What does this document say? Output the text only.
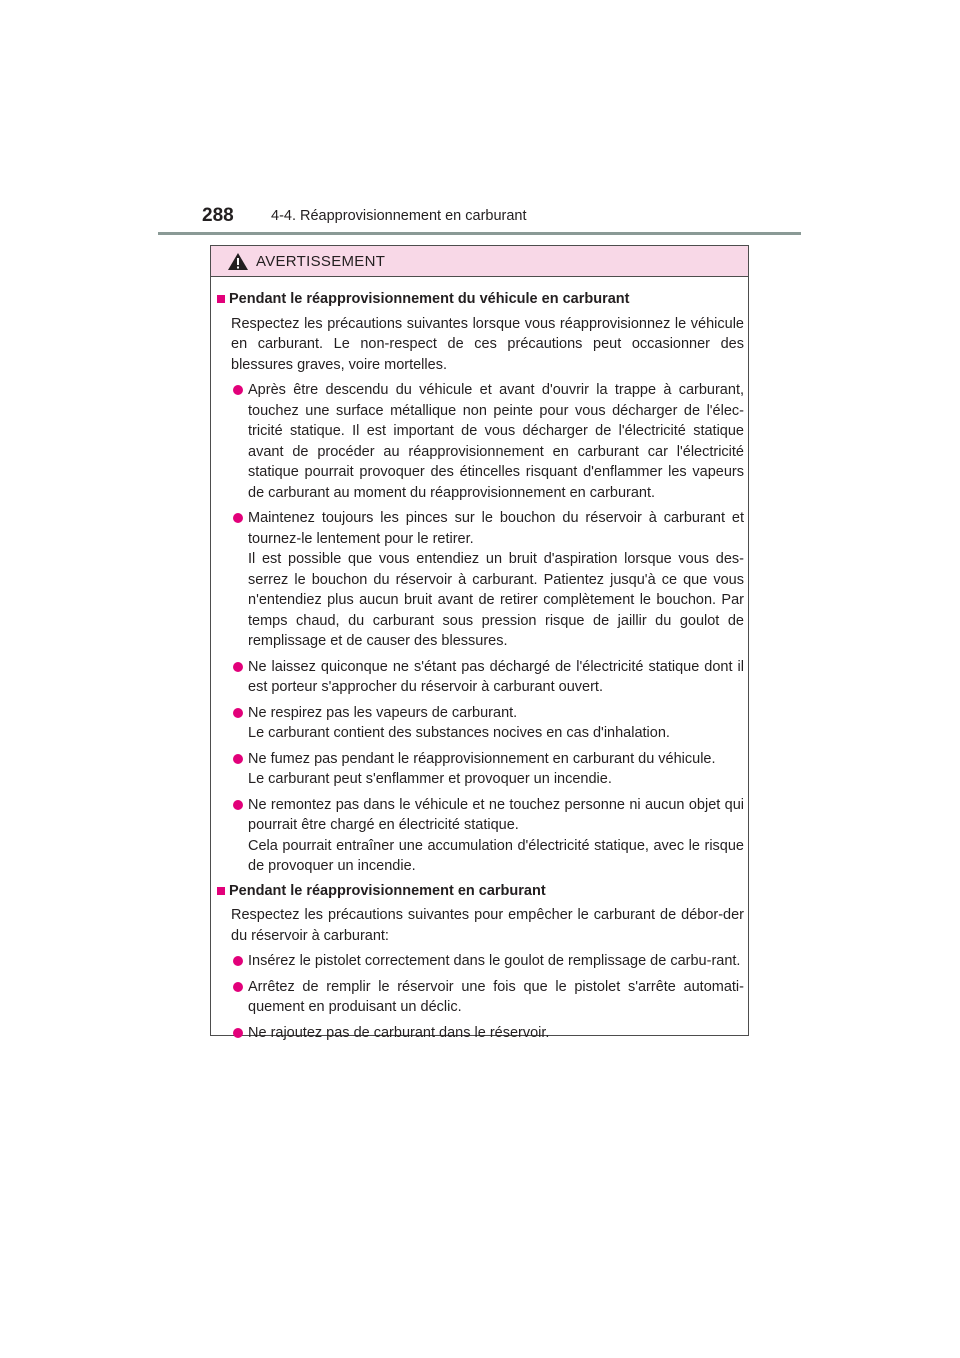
288	4-4. Réapprovisionnement en carburant
AVERTISSEMENT
Pendant le réapprovisionnement du véhicule en carburant
Respectez les précautions suivantes lorsque vous réapprovisionnez le véhicule en carburant. Le non-respect de ces précautions peut occasionner des blessures graves, voire mortelles.
Après être descendu du véhicule et avant d'ouvrir la trappe à carburant, touchez une surface métallique non peinte pour vous décharger de l'élec-tricité statique. Il est important de vous décharger de l'électricité statique avant de procéder au réapprovisionnement en carburant car l'électricité statique pourrait provoquer des étincelles risquant d'enflammer les vapeurs de carburant au moment du réapprovisionnement en carburant.
Maintenez toujours les pinces sur le bouchon du réservoir à carburant et tournez-le lentement pour le retirer.
Il est possible que vous entendiez un bruit d'aspiration lorsque vous des-serrez le bouchon du réservoir à carburant. Patientez jusqu'à ce que vous n'entendiez plus aucun bruit avant de retirer complètement le bouchon. Par temps chaud, du carburant sous pression risque de jaillir du goulot de remplissage et de causer des blessures.
Ne laissez quiconque ne s'étant pas déchargé de l'électricité statique dont il est porteur s'approcher du réservoir à carburant ouvert.
Ne respirez pas les vapeurs de carburant.
Le carburant contient des substances nocives en cas d'inhalation.
Ne fumez pas pendant le réapprovisionnement en carburant du véhicule.
Le carburant peut s'enflammer et provoquer un incendie.
Ne remontez pas dans le véhicule et ne touchez personne ni aucun objet qui pourrait être chargé en électricité statique.
Cela pourrait entraîner une accumulation d'électricité statique, avec le risque de provoquer un incendie.
Pendant le réapprovisionnement en carburant
Respectez les précautions suivantes pour empêcher le carburant de débor-der du réservoir à carburant:
Insérez le pistolet correctement dans le goulot de remplissage de carbu-rant.
Arrêtez de remplir le réservoir une fois que le pistolet s'arrête automati-quement en produisant un déclic.
Ne rajoutez pas de carburant dans le réservoir.
